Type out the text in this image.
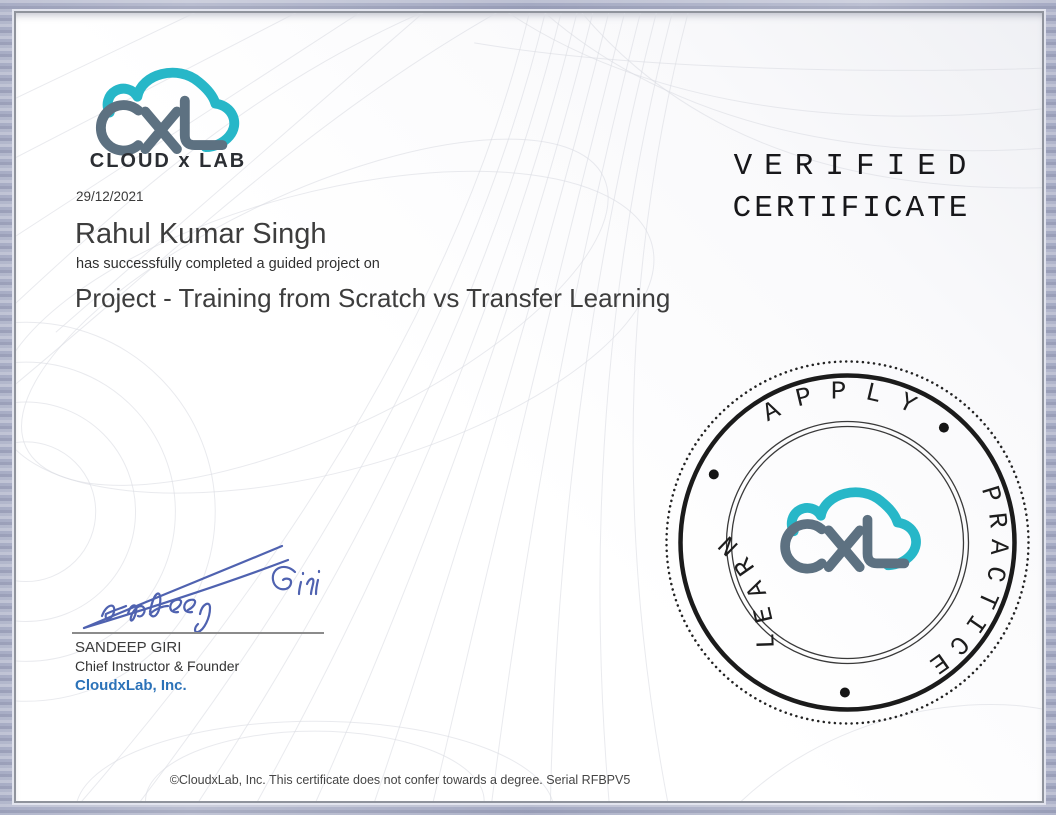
CLOUD x LAB
29/12/2021
Rahul Kumar Singh
has successfully completed a guided project on
Project - Training from Scratch vs Transfer Learning
VERIFIED
CERTIFICATE
APPLY
PRACTICE
LEARN
SANDEEP GIRI
Chief Instructor & Founder
CloudxLab, Inc.
©CloudxLab, Inc. This certificate does not confer towards a degree. Serial RFBPV5
